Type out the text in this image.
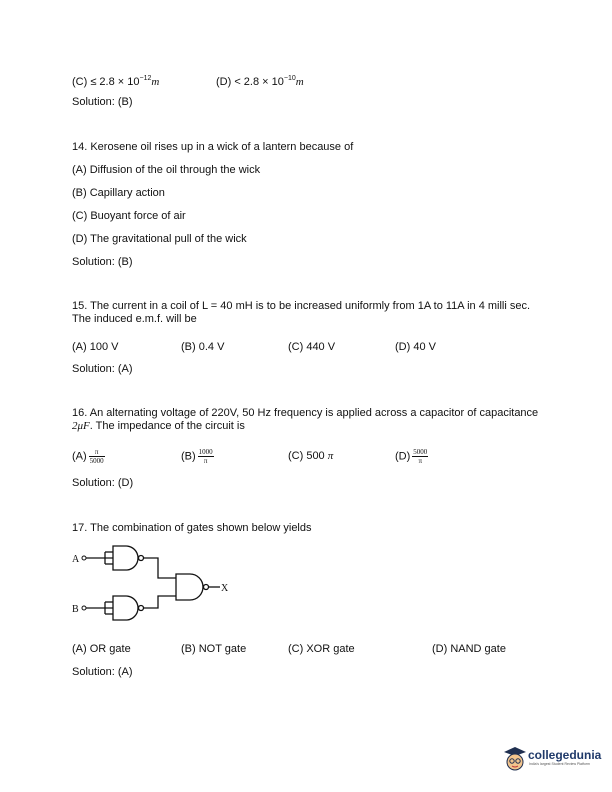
$(C) \le 2.8 \times 10^{-12}m$	$(D) < 2.8 \times 10^{-10}m$
Solution: (B)
14. Kerosene oil rises up in a wick of a lantern because of
(A) Diffusion of the oil through the wick
(B) Capillary action
(C) Buoyant force of air
(D) The gravitational pull of the wick
Solution: (B)
15. The current in a coil of L = 40 mH is to be increased uniformly from 1A to 11A in 4 milli sec. The induced e.m.f. will be
(A) 100 V	(B) 0.4 V	(C) 440 V	(D) 40 V
Solution: (A)
16. An alternating voltage of 220V, 50 Hz frequency is applied across a capacitor of capacitance 2μF. The impedance of the circuit is
$(A) \frac{\pi}{5000}$	$(B) \frac{1000}{\pi}$	(C) 500 π	$(D) \frac{5000}{\pi}$
Solution: (D)
17. The combination of gates shown below yields
A
B
X
(A) OR gate	(B) NOT gate	(C) XOR gate	(D) NAND gate
Solution: (A)
collegedunia
India's largest Student Review Platform
